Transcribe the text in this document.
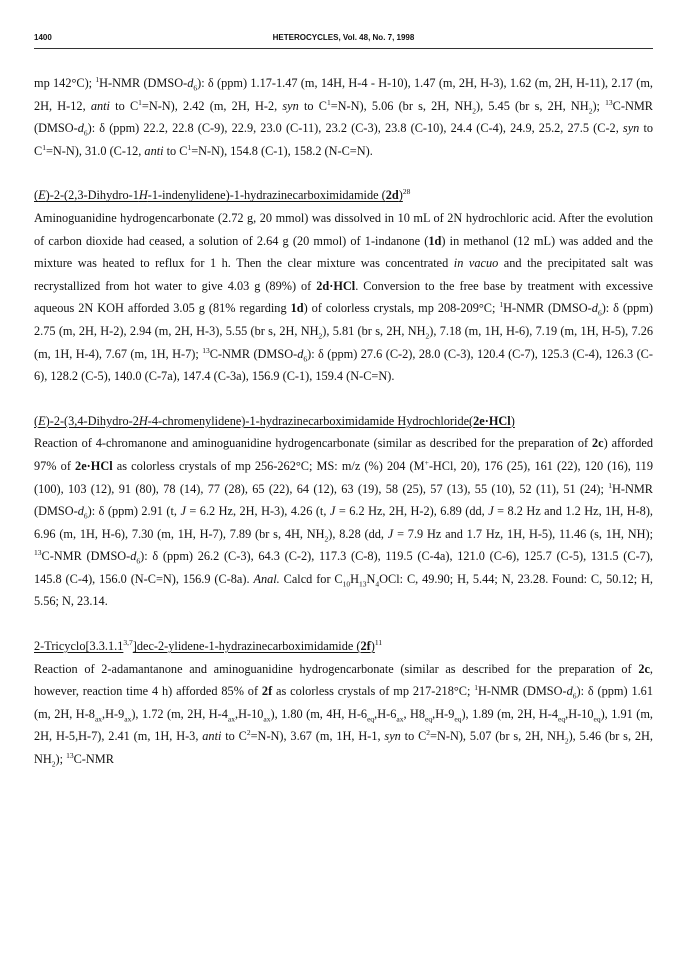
1400	HETEROCYCLES, Vol. 48, No. 7, 1998

mp 142°C); $^1$H-NMR $(DMSO-d_6)$: δ (ppm) 1.17-1.47 (m, 14H, H-4 - H-10), 1.47 (m, 2H, H-3), 1.62 (m, 2H, H-11), 2.17 (m, 2H, H-12, anti to $C^1=N-N$), 2.42 (m, 2H, H-2, syn to $C^1=N-N$), 5.06 (br s, 2H, $NH_2$), 5.45 (br s, 2H, $NH_2$); $^{13}$C-NMR $(DMSO-d_6)$: δ (ppm) 22.2, 22.8 (C-9), 22.9, 23.0 (C-11), 23.2 (C-3), 23.8 (C-10), 24.4 (C-4), 24.9, 25.2, 27.5 (C-2, syn to $C^1=N-N$), 31.0 (C-12, anti to $C^1=N-N$), 154.8 (C-1), 158.2 (N-C=N).

(E)-2-(2,3-Dihydro-1H-1-indenylidene)-1-hydrazinecarboximidamide $(2d)^{28}$

Aminoguanidine hydrogencarbonate (2.72 g, 20 mmol) was dissolved in 10 mL of 2N hydrochloric acid. After the evolution of carbon dioxide had ceased, a solution of 2.64 g (20 mmol) of 1-indanone (1d) in methanol (12 mL) was added and the mixture was heated to reflux for 1 h. Then the clear mixture was concentrated in vacuo and the precipitated salt was recrystallized from hot water to give 4.03 g (89%) of 2d·HCl. Conversion to the free base by treatment with excessive aqueous 2N KOH afforded 3.05 g (81% regarding 1d) of colorless crystals, mp 208-209°C; $^1$H-NMR $(DMSO-d_6)$: δ (ppm) 2.75 (m, 2H, H-2), 2.94 (m, 2H, H-3), 5.55 (br s, 2H, $NH_2$), 5.81 (br s, 2H, $NH_2$), 7.18 (m, 1H, H-6), 7.19 (m, 1H, H-5), 7.26 (m, 1H, H-4), 7.67 (m, 1H, H-7); $^{13}$C-NMR $(DMSO-d_6)$: δ (ppm) 27.6 (C-2), 28.0 (C-3), 120.4 (C-7), 125.3 (C-4), 126.3 (C-6), 128.2 (C-5), 140.0 (C-7a), 147.4 (C-3a), 156.9 (C-1), 159.4 (N-C=N).

(E)-2-(3,4-Dihydro-2H-4-chromenylidene)-1-hydrazinecarboximidamide Hydrochloride(2e·HCl)

Reaction of 4-chromanone and aminoguanidine hydrogencarbonate (similar as described for the preparation of 2c) afforded 97% of 2e·HCl as colorless crystals of mp 256-262°C; MS: m/z (%) 204 (M+-HCl, 20), 176 (25), 161 (22), 120 (16), 119 (100), 103 (12), 91 (80), 78 (14), 77 (28), 65 (22), 64 (12), 63 (19), 58 (25), 57 (13), 55 (10), 52 (11), 51 (24); $^1$H-NMR $(DMSO-d_6)$: δ (ppm) 2.91 (t, J = 6.2 Hz, 2H, H-3), 4.26 (t, J = 6.2 Hz, 2H, H-2), 6.89 (dd, J = 8.2 Hz and 1.2 Hz, 1H, H-8), 6.96 (m, 1H, H-6), 7.30 (m, 1H, H-7), 7.89 (br s, 4H, $NH_2$), 8.28 (dd, J = 7.9 Hz and 1.7 Hz, 1H, H-5), 11.46 (s, 1H, NH); $^{13}$C-NMR $(DMSO-d_6)$: δ (ppm) 26.2 (C-3), 64.3 (C-2), 117.3 (C-8), 119.5 (C-4a), 121.0 (C-6), 125.7 (C-5), 131.5 (C-7), 145.8 (C-4), 156.0 (N-C=N), 156.9 (C-8a). Anal. Calcd for $C_{10}H_{13}N_4OCl$: C, 49.90; H, 5.44; N, 23.28. Found: C, 50.12; H, 5.56; N, 23.14.

2-Tricyclo[3.3.1.1$^{3,7}$]dec-2-ylidene-1-hydrazinecarboximidamide $(2f)^{11}$

Reaction of 2-adamantanone and aminoguanidine hydrogencarbonate (similar as described for the preparation of 2c, however, reaction time 4 h) afforded 85% of 2f as colorless crystals of mp 217-218°C; $^1$H-NMR $(DMSO-d_6)$: δ (ppm) 1.61 (m, 2H, $H-8_{ax},H-9_{ax}$), 1.72 (m, 2H, $H-4_{ax},H-10_{ax}$), 1.80 (m, 4H, $H-6_{eq},H-6_{ax}$, $H8_{eq},H-9_{eq}$), 1.89 (m, 2H, $H-4_{eq},H-10_{eq}$), 1.91 (m, 2H, H-5,H-7), 2.41 (m, 1H, H-3, anti to $C^2=N-N$), 3.67 (m, 1H, H-1, syn to $C^2=N-N$), 5.07 (br s, 2H, $NH_2$), 5.46 (br s, 2H, $NH_2$); $^{13}$C-NMR
